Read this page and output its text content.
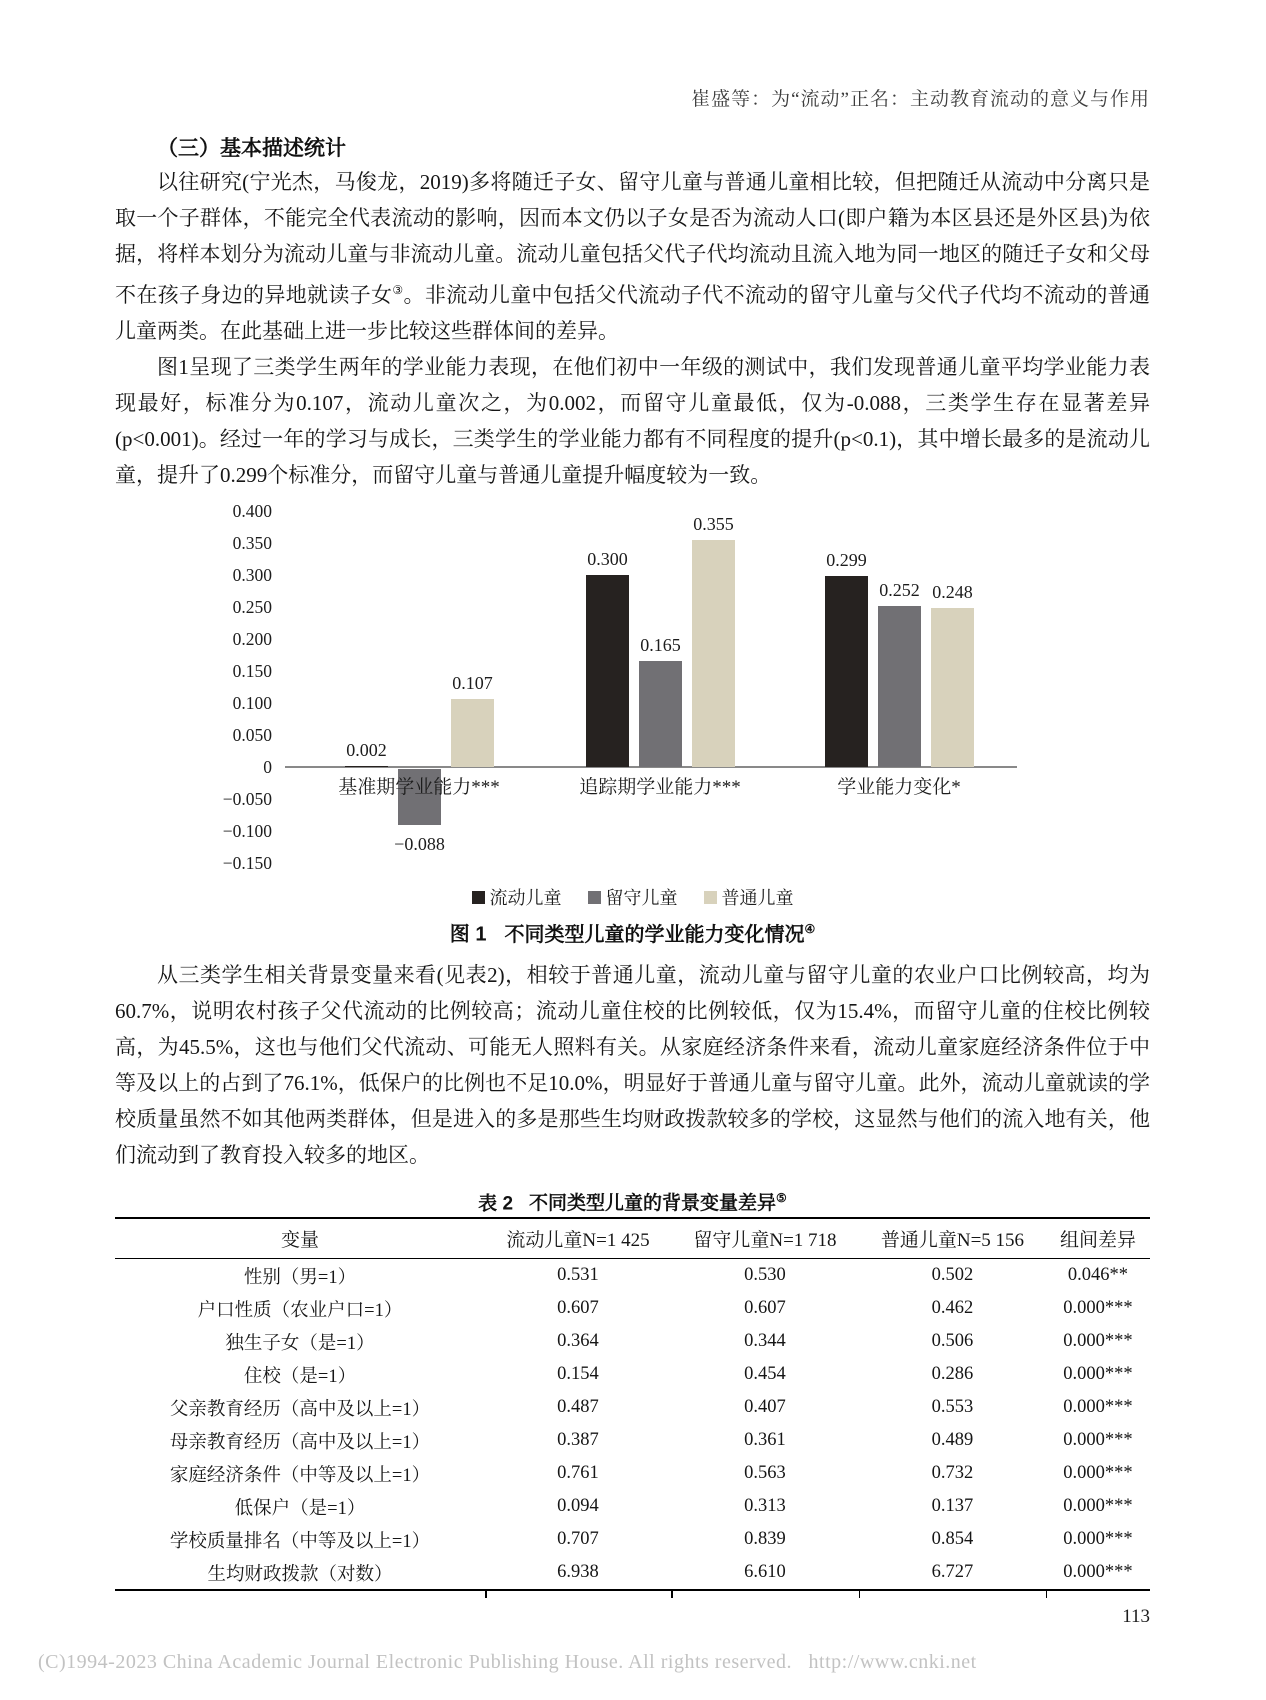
崔盛等：为“流动”正名：主动教育流动的意义与作用
（三）基本描述统计

以往研究(宁光杰，马俊龙，2019)多将随迁子女、留守儿童与普通儿童相比较，但把随迁从流动中分离只是取一个子群体，不能完全代表流动的影响，因而本文仍以子女是否为流动人口(即户籍为本区县还是外区县)为依据，将样本划分为流动儿童与非流动儿童。流动儿童包括父代子代均流动且流入地为同一地区的随迁子女和父母不在孩子身边的异地就读子女③。非流动儿童中包括父代流动子代不流动的留守儿童与父代子代均不流动的普通儿童两类。在此基础上进一步比较这些群体间的差异。

图1呈现了三类学生两年的学业能力表现，在他们初中一年级的测试中，我们发现普通儿童平均学业能力表现最好，标准分为0.107，流动儿童次之，为0.002，而留守儿童最低，仅为-0.088，三类学生存在显著差异(p<0.001)。经过一年的学习与成长，三类学生的学业能力都有不同程度的提升(p<0.1)，其中增长最多的是流动儿童，提升了0.299个标准分，而留守儿童与普通儿童提升幅度较为一致。

0.400
0.350
0.300
0.250
0.200
0.150
0.100
0.050
0
−0.050
−0.100
−0.150
0.002
0.300	0.299
−0.088
0.165
0.252
0.107
0.355
0.248
基准期学业能力***	追踪期学业能力***	学业能力变化*
流动儿童 留守儿童 普通儿童
图 1 不同类型儿童的学业能力变化情况④

从三类学生相关背景变量来看(见表2)，相较于普通儿童，流动儿童与留守儿童的农业户口比例较高，均为60.7%，说明农村孩子父代流动的比例较高；流动儿童住校的比例较低，仅为15.4%，而留守儿童的住校比例较高，为45.5%，这也与他们父代流动、可能无人照料有关。从家庭经济条件来看，流动儿童家庭经济条件位于中等及以上的占到了76.1%，低保户的比例也不足10.0%，明显好于普通儿童与留守儿童。此外，流动儿童就读的学校质量虽然不如其他两类群体，但是进入的多是那些生均财政拨款较多的学校，这显然与他们的流入地有关，他们流动到了教育投入较多的地区。

表 2 不同类型儿童的背景变量差异⑤
变量	流动儿童N=1 425	留守儿童N=1 718	普通儿童N=5 156	组间差异
性别（男=1）	0.531	0.530	0.502	0.046**
户口性质（农业户口=1）	0.607	0.607	0.462	0.000***
独生子女（是=1）	0.364	0.344	0.506	0.000***
住校（是=1）	0.154	0.454	0.286	0.000***
父亲教育经历（高中及以上=1）	0.487	0.407	0.553	0.000***
母亲教育经历（高中及以上=1）	0.387	0.361	0.489	0.000***
家庭经济条件（中等及以上=1）	0.761	0.563	0.732	0.000***
低保户（是=1）	0.094	0.313	0.137	0.000***
学校质量排名（中等及以上=1）	0.707	0.839	0.854	0.000***
生均财政拨款（对数）	6.938	6.610	6.727	0.000***
113
(C)1994-2023 China Academic Journal Electronic Publishing House. All rights reserved. http://www.cnki.net
